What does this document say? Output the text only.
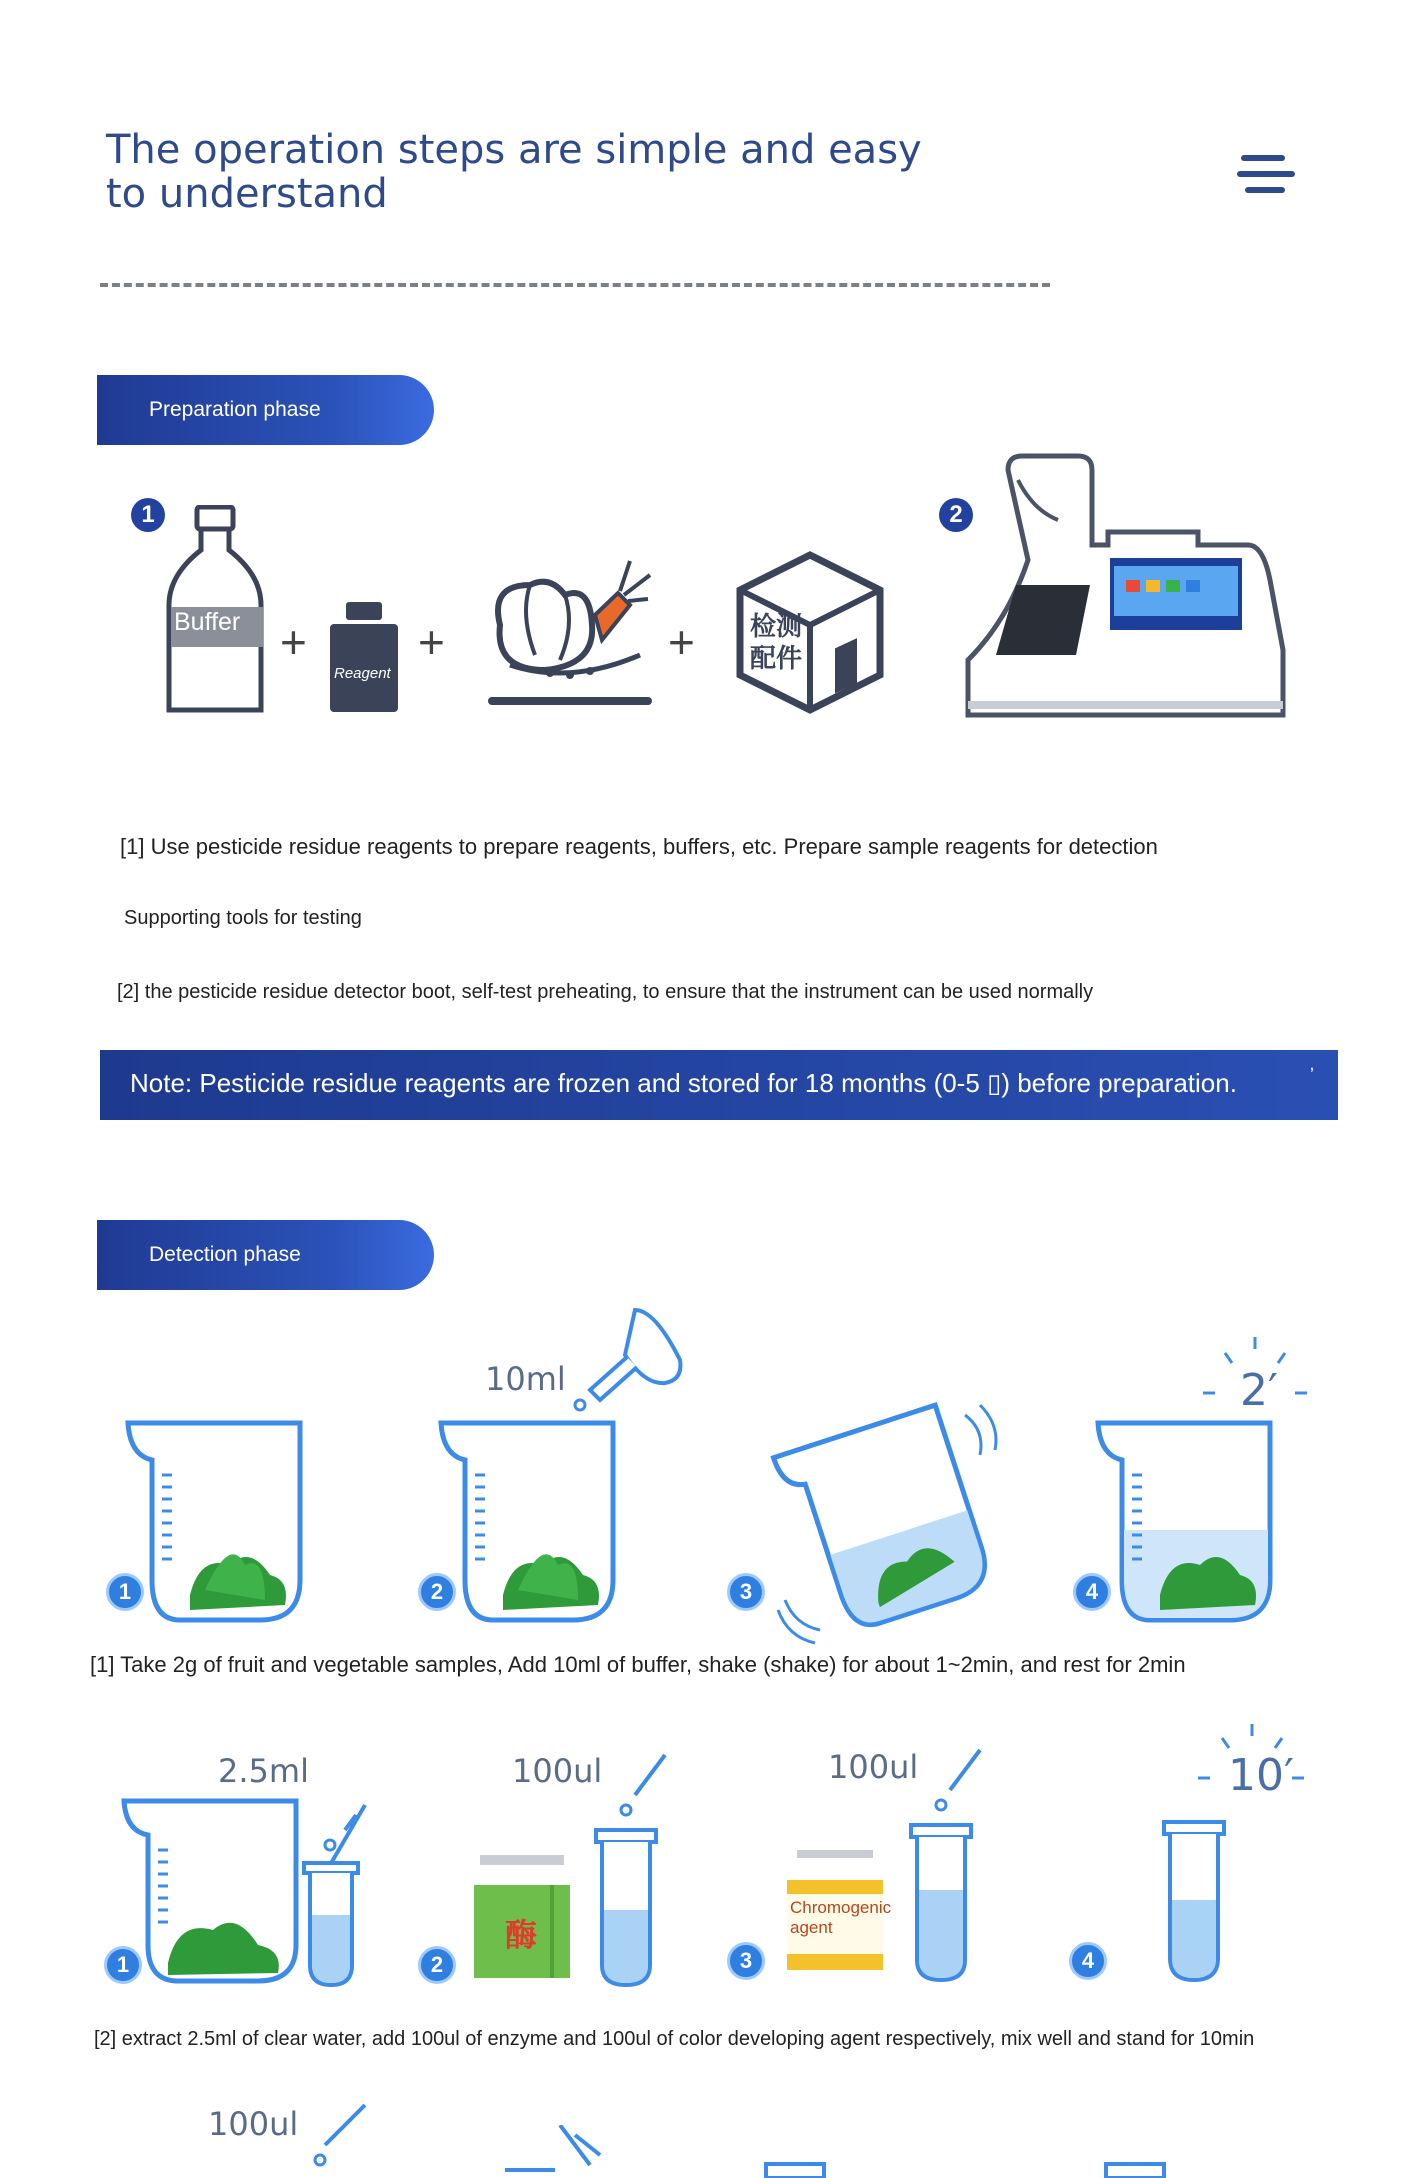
The operation steps are simple and easy to understand
Preparation phase
1	2
Buffer +
Reagent
+	+ 检测
配件
[1] Use pesticide residue reagents to prepare reagents, buffers, etc. Prepare sample reagents for detection
Supporting tools for testing
[2] the pesticide residue detector boot, self-test preheating, to ensure that the instrument can be used normally
Note: Pesticide residue reagents are frozen and stored for 18 months (0-5 ▯) before preparation.	ʼ
Detection phase
1	2
10ml
3	4
2′
[1] Take 2g of fruit and vegetable samples, Add 10ml of buffer, shake (shake) for about 1~2min, and rest for 2min
2.5ml
1
100ul
酶
2
100ul
Chromogenic agent
3	4
10′
[2] extract 2.5ml of clear water, add 100ul of enzyme and 100ul of color developing agent respectively, mix well and stand for 10min
100ul
